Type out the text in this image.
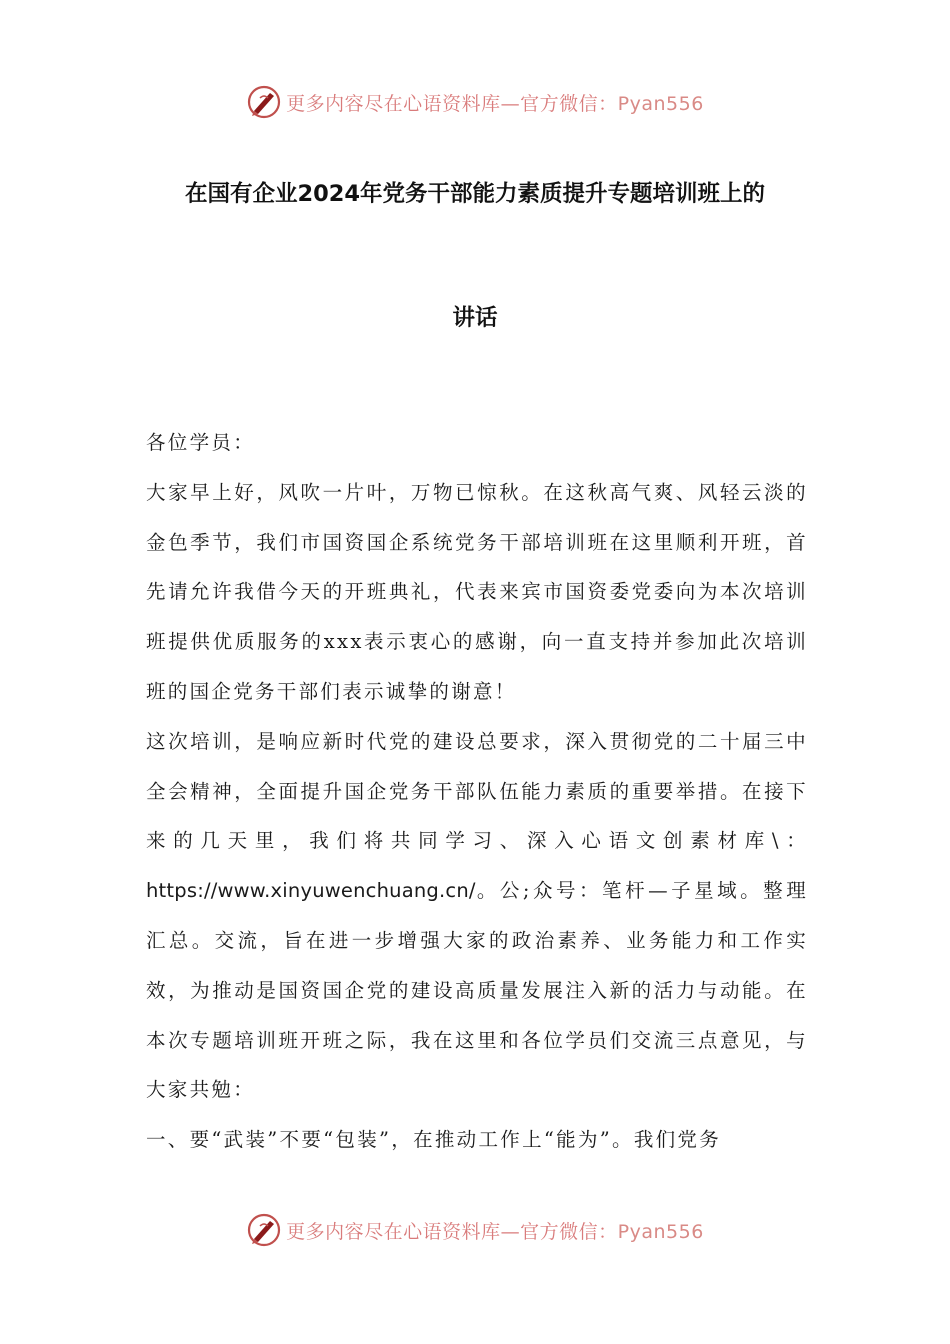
更多内容尽在心语资料库—官方微信：Pyan556
在国有企业2024年党务干部能力素质提升专题培训班上的
讲话

各位学员：

大家早上好，风吹一片叶，万物已惊秋。在这秋高气爽、风轻云淡的金色季节，我们市国资国企系统党务干部培训班在这里顺利开班，首先请允许我借今天的开班典礼，代表来宾市国资委党委向为本次培训班提供优质服务的xxx表示衷心的感谢，向一直支持并参加此次培训班的国企党务干部们表示诚挚的谢意！

这次培训，是响应新时代党的建设总要求，深入贯彻党的二十届三中全会精神，全面提升国企党务干部队伍能力素质的重要举措。在接下来的几天里，我们将共同学习、深入心语文创素材库\：https://www.xinyuwenchuang.cn/。公;众号：笔杆—子星域。整理汇总。交流，旨在进一步增强大家的政治素养、业务能力和工作实效，为推动是国资国企党的建设高质量发展注入新的活力与动能。在本次专题培训班开班之际，我在这里和各位学员们交流三点意见，与大家共勉：

一、要“武装”不要“包装”，在推动工作上“能为”。我们党务

更多内容尽在心语资料库—官方微信：Pyan556
